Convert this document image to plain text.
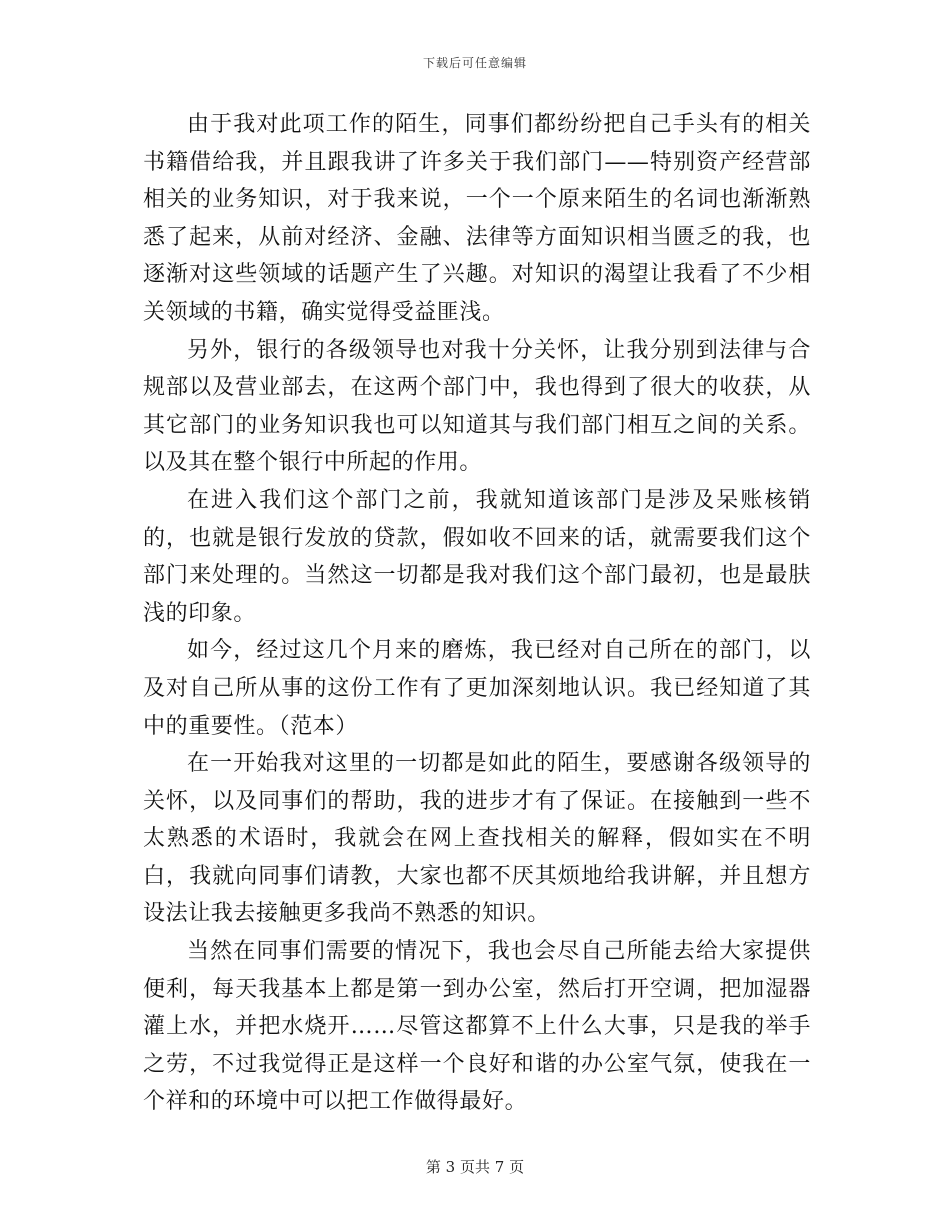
下载后可任意编辑

由于我对此项工作的陌生，同事们都纷纷把自己手头有的相关书籍借给我，并且跟我讲了许多关于我们部门——特别资产经营部相关的业务知识，对于我来说，一个一个原来陌生的名词也渐渐熟悉了起来，从前对经济、金融、法律等方面知识相当匮乏的我，也逐渐对这些领域的话题产生了兴趣。对知识的渴望让我看了不少相关领域的书籍，确实觉得受益匪浅。

另外，银行的各级领导也对我十分关怀，让我分别到法律与合规部以及营业部去，在这两个部门中，我也得到了很大的收获，从其它部门的业务知识我也可以知道其与我们部门相互之间的关系。以及其在整个银行中所起的作用。

在进入我们这个部门之前，我就知道该部门是涉及呆账核销的，也就是银行发放的贷款，假如收不回来的话，就需要我们这个部门来处理的。当然这一切都是我对我们这个部门最初，也是最肤浅的印象。

如今，经过这几个月来的磨炼，我已经对自己所在的部门，以及对自己所从事的这份工作有了更加深刻地认识。我已经知道了其中的重要性。（范本）

在一开始我对这里的一切都是如此的陌生，要感谢各级领导的关怀，以及同事们的帮助，我的进步才有了保证。在接触到一些不太熟悉的术语时，我就会在网上查找相关的解释，假如实在不明白，我就向同事们请教，大家也都不厌其烦地给我讲解，并且想方设法让我去接触更多我尚不熟悉的知识。

当然在同事们需要的情况下，我也会尽自己所能去给大家提供便利，每天我基本上都是第一到办公室，然后打开空调，把加湿器灌上水，并把水烧开……尽管这都算不上什么大事，只是我的举手之劳，不过我觉得正是这样一个良好和谐的办公室气氛，使我在一个祥和的环境中可以把工作做得最好。

第 3 页共 7 页
